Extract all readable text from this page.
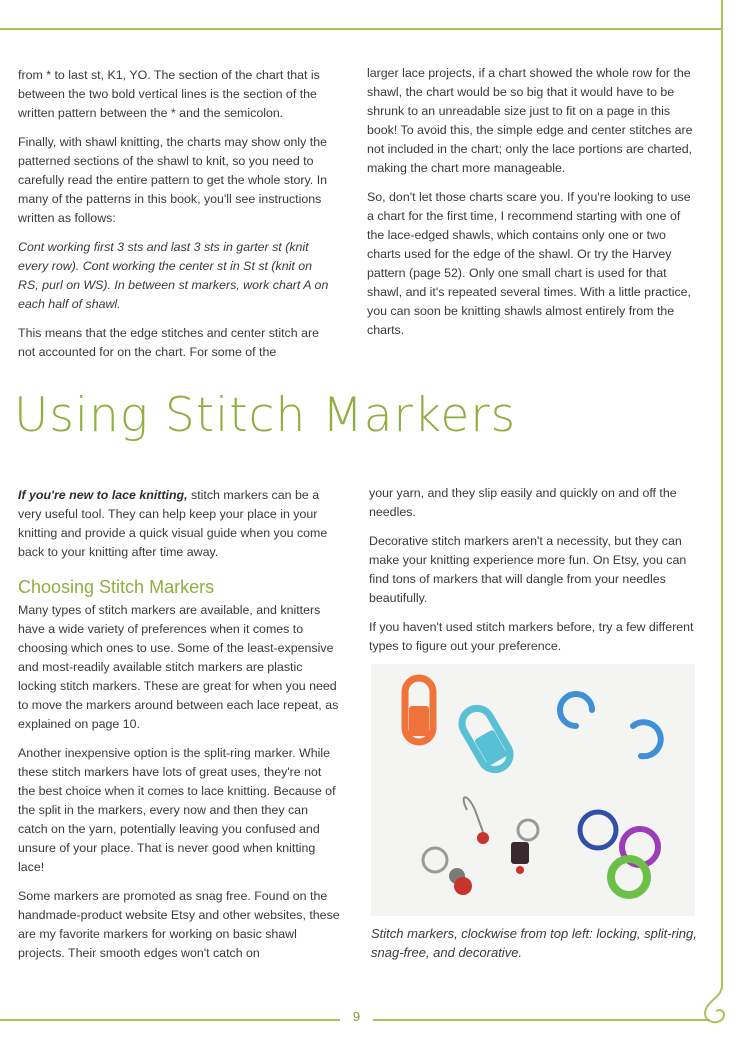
from * to last st, K1, YO. The section of the chart that is between the two bold vertical lines is the section of the written pattern between the * and the semicolon.

Finally, with shawl knitting, the charts may show only the patterned sections of the shawl to knit, so you need to carefully read the entire pattern to get the whole story. In many of the patterns in this book, you'll see instructions written as follows:

Cont working first 3 sts and last 3 sts in garter st (knit every row). Cont working the center st in St st (knit on RS, purl on WS). In between st markers, work chart A on each half of shawl.

This means that the edge stitches and center stitch are not accounted for on the chart. For some of the

larger lace projects, if a chart showed the whole row for the shawl, the chart would be so big that it would have to be shrunk to an unreadable size just to fit on a page in this book! To avoid this, the simple edge and center stitches are not included in the chart; only the lace portions are charted, making the chart more manageable.

So, don't let those charts scare you. If you're looking to use a chart for the first time, I recommend starting with one of the lace-edged shawls, which contains only one or two charts used for the edge of the shawl. Or try the Harvey pattern (page 52). Only one small chart is used for that shawl, and it's repeated several times. With a little practice, you can soon be knitting shawls almost entirely from the charts.

Using Stitch Markers

If you're new to lace knitting, stitch markers can be a very useful tool. They can help keep your place in your knitting and provide a quick visual guide when you come back to your knitting after time away.

Choosing Stitch Markers

Many types of stitch markers are available, and knitters have a wide variety of preferences when it comes to choosing which ones to use. Some of the least-expensive and most-readily available stitch markers are plastic locking stitch markers. These are great for when you need to move the markers around between each lace repeat, as explained on page 10.

Another inexpensive option is the split-ring marker. While these stitch markers have lots of great uses, they're not the best choice when it comes to lace knitting. Because of the split in the markers, every now and then they can catch on the yarn, potentially leaving you confused and unsure of your place. That is never good when knitting lace!

Some markers are promoted as snag free. Found on the handmade-product website Etsy and other websites, these are my favorite markers for working on basic shawl projects. Their smooth edges won't catch on

your yarn, and they slip easily and quickly on and off the needles.

Decorative stitch markers aren't a necessity, but they can make your knitting experience more fun. On Etsy, you can find tons of markers that will dangle from your needles beautifully.

If you haven't used stitch markers before, try a few different types to figure out your preference.

Stitch markers, clockwise from top left: locking, split-ring, snag-free, and decorative.
9
